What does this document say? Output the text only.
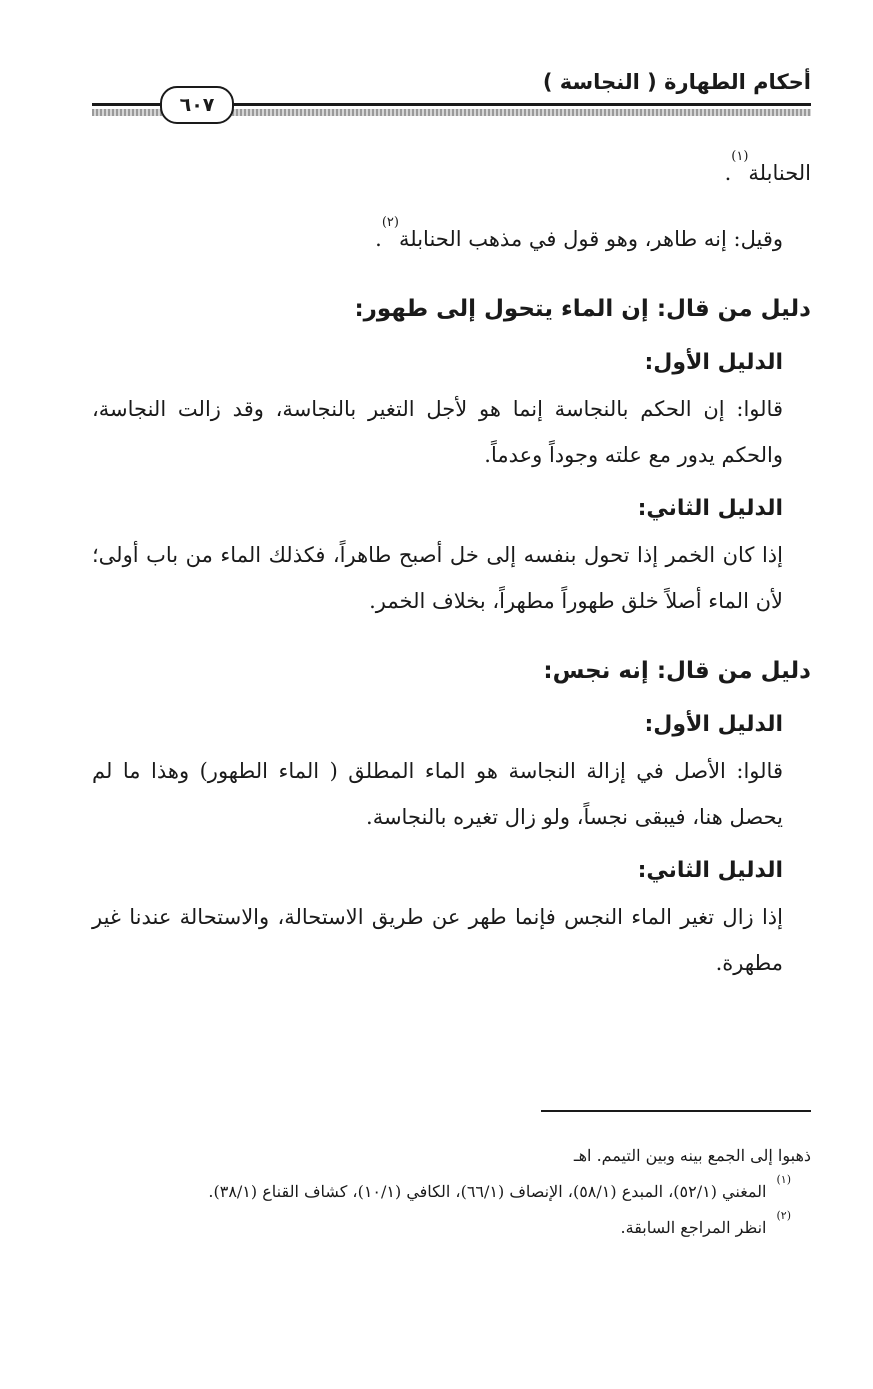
أحكام الطهارة ( النجاسة )
٦٠٧

الحنابلة$^{(١)}$.

وقيل: إنه طاهر، وهو قول في مذهب الحنابلة$^{(٢)}$.

دليل من قال: إن الماء يتحول إلى طهور:

الدليل الأول:

قالوا: إن الحكم بالنجاسة إنما هو لأجل التغير بالنجاسة، وقد زالت النجاسة، والحكم يدور مع علته وجوداً وعدماً.

الدليل الثاني:

إذا كان الخمر إذا تحول بنفسه إلى خل أصبح طاهراً، فكذلك الماء من باب أولى؛ لأن الماء أصلاً خلق طهوراً مطهراً، بخلاف الخمر.

دليل من قال: إنه نجس:

الدليل الأول:

قالوا: الأصل في إزالة النجاسة هو الماء المطلق ( الماء الطهور) وهذا ما لم يحصل هنا، فيبقى نجساً، ولو زال تغيره بالنجاسة.

الدليل الثاني:

إذا زال تغير الماء النجس فإنما طهر عن طريق الاستحالة، والاستحالة عندنا غير مطهرة.

ذهبوا إلى الجمع بينه وبين التيمم. اهـ

$^{(١)}$المغني (٥٢/١)، المبدع (٥٨/١)، الإنصاف (٦٦/١)، الكافي (١٠/١)، كشاف القناع (٣٨/١).

$^{(٢)}$انظر المراجع السابقة.
